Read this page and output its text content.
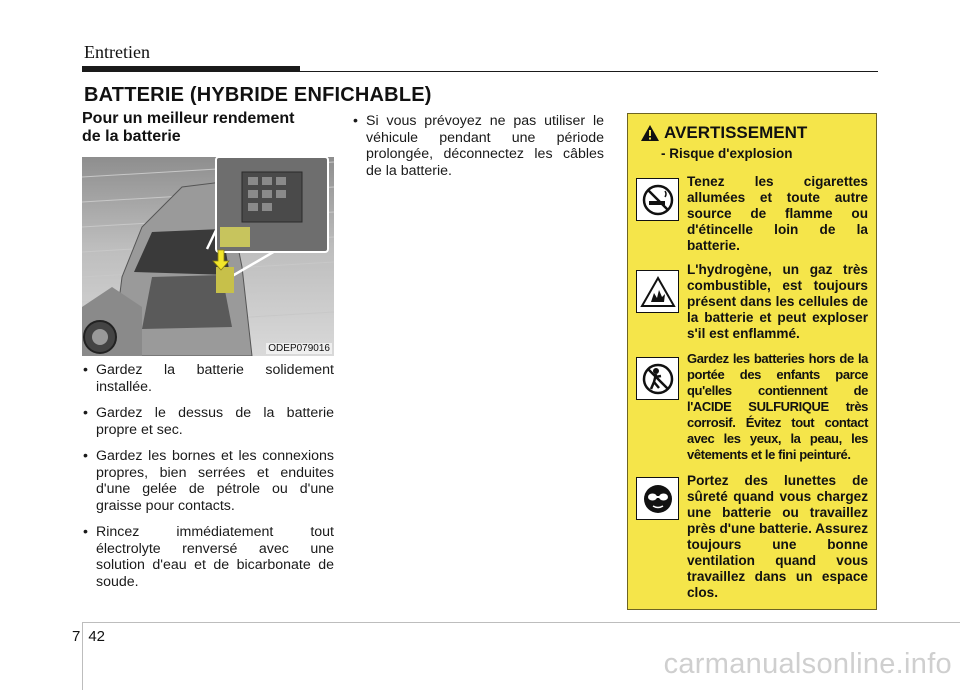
Entretien
BATTERIE (HYBRIDE ENFICHABLE)

Pour un meilleur rendement

de la batterie

ODEP079016
• Gardez la batterie solidement installée.
• Gardez le dessus de la batterie propre et sec.
• Gardez les bornes et les connexions propres, bien serrées et enduites d'une gelée de pétrole ou d'une graisse pour contacts.
• Rincez immédiatement tout électrolyte renversé avec une solution d'eau et de bicarbonate de soude.
• Si vous prévoyez ne pas utiliser le véhicule pendant une période prolongée, déconnectez les câbles de la batterie.
AVERTISSEMENT
- Risque d'explosion
Tenez les cigarettes allumées et toute autre source de flamme ou d'étincelle loin de la batterie.
L'hydrogène, un gaz très combustible, est toujours présent dans les cellules de la batterie et peut exploser s'il est enflammé.
Gardez les batteries hors de la portée des enfants parce qu'elles contiennent de l'ACIDE SULFURIQUE très corrosif. Évitez tout contact avec les yeux, la peau, les vêtements et le fini peinturé.
Portez des lunettes de sûreté quand vous chargez une batterie ou travaillez près d'une batterie. Assurez toujours une bonne ventilation quand vous travaillez dans un espace clos.
7 42
carmanualsonline.info
